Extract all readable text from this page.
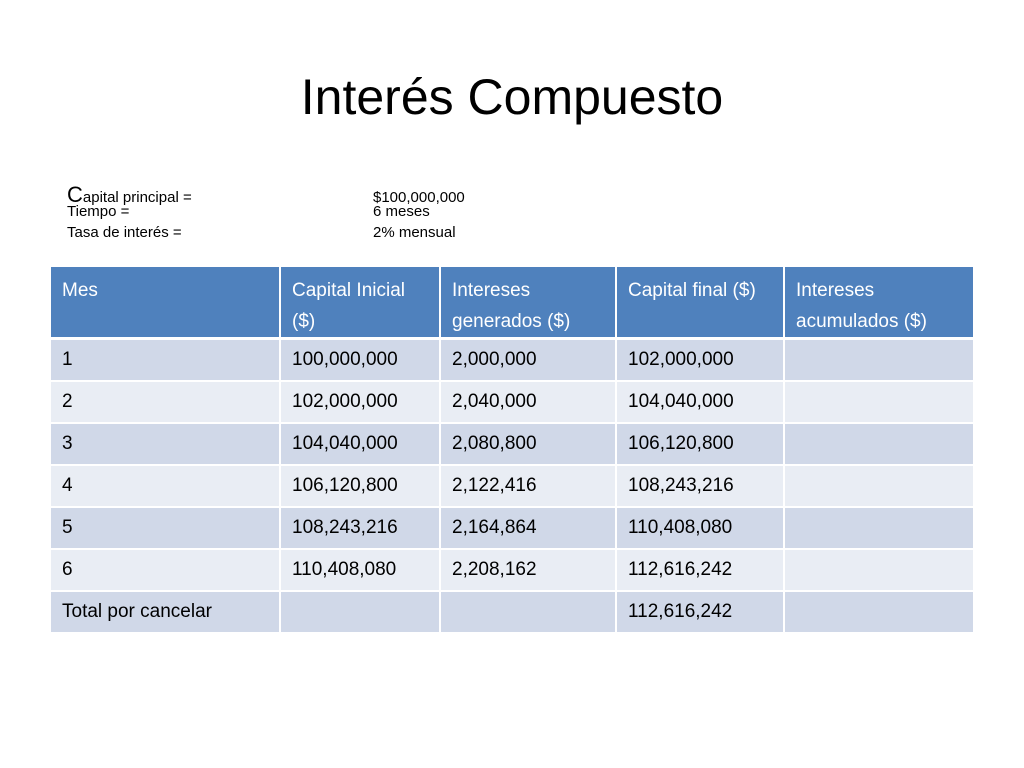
Interés Compuesto
Capital principal =	$100,000,000
Tiempo =	6 meses
Tasa de interés =	2% mensual
Mes	Capital Inicial ($)	Intereses generados ($)	Capital final ($)	Intereses acumulados ($)
1	100,000,000	2,000,000	102,000,000	
2	102,000,000	2,040,000	104,040,000	
3	104,040,000	2,080,800	106,120,800	
4	106,120,800	2,122,416	108,243,216	
5	108,243,216	2,164,864	110,408,080	
6	110,408,080	2,208,162	112,616,242	
Total por cancelar			112,616,242	
